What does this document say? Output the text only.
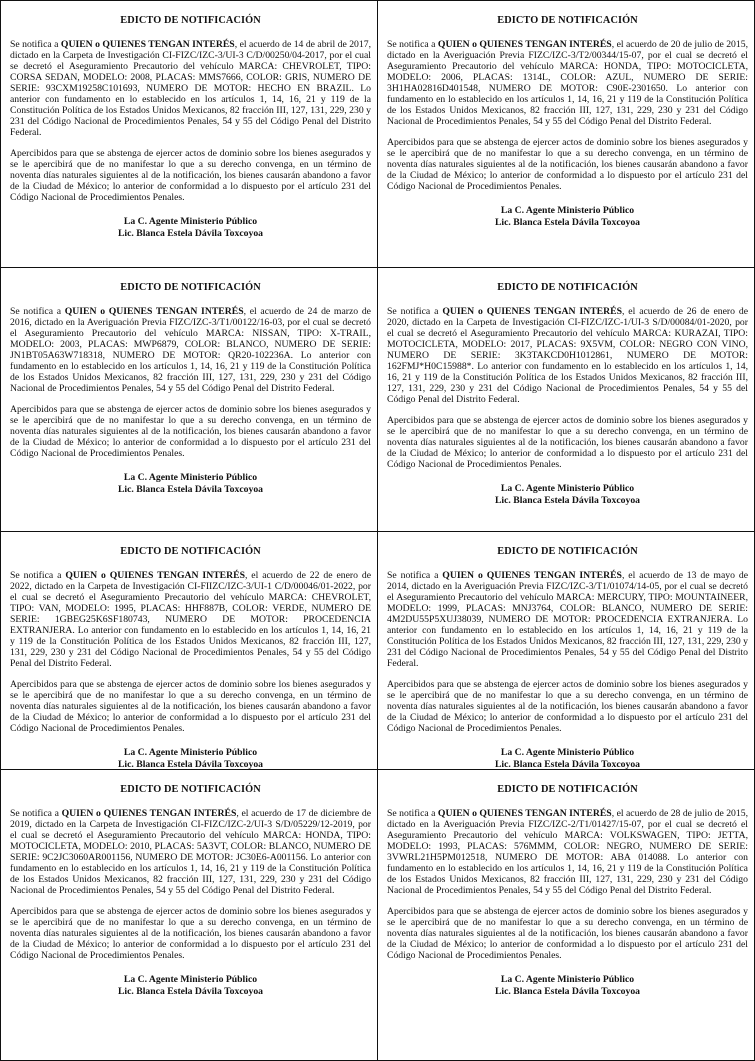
EDICTO DE NOTIFICACIÓN

Se notifica a QUIEN o QUIENES TENGAN INTERÉS, el acuerdo de 14 de abril de 2017, dictado en la Carpeta de Investigación CI-FIZC/IZC-3/UI-3 C/D/00250/04-2017, por el cual se decretó el Aseguramiento Precautorio del vehículo MARCA: CHEVROLET, TIPO: CORSA SEDAN, MODELO: 2008, PLACAS: MMS7666, COLOR: GRIS, NUMERO DE SERIE: 93CXM19258C101693, NUMERO DE MOTOR: HECHO EN BRAZIL. Lo anterior con fundamento en lo establecido en los artículos 1, 14, 16, 21 y 119 de la Constitución Política de los Estados Unidos Mexicanos, 82 fracción III, 127, 131, 229, 230 y 231 del Código Nacional de Procedimientos Penales, 54 y 55 del Código Penal del Distrito Federal.

Apercibidos para que se abstenga de ejercer actos de dominio sobre los bienes asegurados y se le apercibirá que de no manifestar lo que a su derecho convenga, en un término de noventa días naturales siguientes al de la notificación, los bienes causarán abandono a favor de la Ciudad de México; lo anterior de conformidad a lo dispuesto por el artículo 231 del Código Nacional de Procedimientos Penales.

La C. Agente Ministerio Público
Lic. Blanca Estela Dávila Toxcoyoa

EDICTO DE NOTIFICACIÓN

Se notifica a QUIEN o QUIENES TENGAN INTERÉS, el acuerdo de 20 de julio de 2015, dictado en la Averiguación Previa FIZC/IZC-3/T2/00344/15-07, por el cual se decretó el Aseguramiento Precautorio del vehículo MARCA: HONDA, TIPO: MOTOCICLETA, MODELO: 2006, PLACAS: 1314L, COLOR: AZUL, NUMERO DE SERIE: 3H1HA02816D401548, NUMERO DE MOTOR: C90E-2301650. Lo anterior con fundamento en lo establecido en los artículos 1, 14, 16, 21 y 119 de la Constitución Política de los Estados Unidos Mexicanos, 82 fracción III, 127, 131, 229, 230 y 231 del Código Nacional de Procedimientos Penales, 54 y 55 del Código Penal del Distrito Federal.

Apercibidos para que se abstenga de ejercer actos de dominio sobre los bienes asegurados y se le apercibirá que de no manifestar lo que a su derecho convenga, en un término de noventa días naturales siguientes al de la notificación, los bienes causarán abandono a favor de la Ciudad de México; lo anterior de conformidad a lo dispuesto por el artículo 231 del Código Nacional de Procedimientos Penales.

La C. Agente Ministerio Público
Lic. Blanca Estela Dávila Toxcoyoa

EDICTO DE NOTIFICACIÓN

Se notifica a QUIEN o QUIENES TENGAN INTERÉS, el acuerdo de 24 de marzo de 2016, dictado en la Averiguación Previa FIZC/IZC-3/T1/00122/16-03, por el cual se decretó el Aseguramiento Precautorio del vehículo MARCA: NISSAN, TIPO: X-TRAIL, MODELO: 2003, PLACAS: MWP6879, COLOR: BLANCO, NUMERO DE SERIE: JN1BT05A63W718318, NUMERO DE MOTOR: QR20-102236A. Lo anterior con fundamento en lo establecido en los artículos 1, 14, 16, 21 y 119 de la Constitución Política de los Estados Unidos Mexicanos, 82 fracción III, 127, 131, 229, 230 y 231 del Código Nacional de Procedimientos Penales, 54 y 55 del Código Penal del Distrito Federal.

Apercibidos para que se abstenga de ejercer actos de dominio sobre los bienes asegurados y se le apercibirá que de no manifestar lo que a su derecho convenga, en un término de noventa días naturales siguientes al de la notificación, los bienes causarán abandono a favor de la Ciudad de México; lo anterior de conformidad a lo dispuesto por el artículo 231 del Código Nacional de Procedimientos Penales.

La C. Agente Ministerio Público
Lic. Blanca Estela Dávila Toxcoyoa

EDICTO DE NOTIFICACIÓN

Se notifica a QUIEN o QUIENES TENGAN INTERÉS, el acuerdo de 26 de enero de 2020, dictado en la Carpeta de Investigación CI-FIZC/IZC-1/UI-3 S/D/00084/01-2020, por el cual se decretó el Aseguramiento Precautorio del vehículo MARCA: KURAZAI, TIPO: MOTOCICLETA, MODELO: 2017, PLACAS: 9X5VM, COLOR: NEGRO CON VINO, NUMERO DE SERIE: 3K3TAKCD0H1012861, NUMERO DE MOTOR: 162FMJ*H0C15988*. Lo anterior con fundamento en lo establecido en los artículos 1, 14, 16, 21 y 119 de la Constitución Política de los Estados Unidos Mexicanos, 82 fracción III, 127, 131, 229, 230 y 231 del Código Nacional de Procedimientos Penales, 54 y 55 del Código Penal del Distrito Federal.

Apercibidos para que se abstenga de ejercer actos de dominio sobre los bienes asegurados y se le apercibirá que de no manifestar lo que a su derecho convenga, en un término de noventa días naturales siguientes al de la notificación, los bienes causarán abandono a favor de la Ciudad de México; lo anterior de conformidad a lo dispuesto por el artículo 231 del Código Nacional de Procedimientos Penales.

La C. Agente Ministerio Público
Lic. Blanca Estela Dávila Toxcoyoa

EDICTO DE NOTIFICACIÓN

Se notifica a QUIEN o QUIENES TENGAN INTERÉS, el acuerdo de 22 de enero de 2022, dictado en la Carpeta de Investigación CI-FIIZC/IZC-3/UI-1 C/D/00046/01-2022, por el cual se decretó el Aseguramiento Precautorio del vehículo MARCA: CHEVROLET, TIPO: VAN, MODELO: 1995, PLACAS: HHF887B, COLOR: VERDE, NUMERO DE SERIE: 1GBEG25K6SF180743, NUMERO DE MOTOR: PROCEDENCIA EXTRANJERA. Lo anterior con fundamento en lo establecido en los artículos 1, 14, 16, 21 y 119 de la Constitución Política de los Estados Unidos Mexicanos, 82 fracción III, 127, 131, 229, 230 y 231 del Código Nacional de Procedimientos Penales, 54 y 55 del Código Penal del Distrito Federal.

Apercibidos para que se abstenga de ejercer actos de dominio sobre los bienes asegurados y se le apercibirá que de no manifestar lo que a su derecho convenga, en un término de noventa días naturales siguientes al de la notificación, los bienes causarán abandono a favor de la Ciudad de México; lo anterior de conformidad a lo dispuesto por el artículo 231 del Código Nacional de Procedimientos Penales.

La C. Agente Ministerio Público
Lic. Blanca Estela Dávila Toxcoyoa

EDICTO DE NOTIFICACIÓN

Se notifica a QUIEN o QUIENES TENGAN INTERÉS, el acuerdo de 13 de mayo de 2014, dictado en la Averiguación Previa FIZC/IZC-3/T1/01074/14-05, por el cual se decretó el Aseguramiento Precautorio del vehículo MARCA: MERCURY, TIPO: MOUNTAINEER, MODELO: 1999, PLACAS: MNJ3764, COLOR: BLANCO, NUMERO DE SERIE: 4M2DU55P5XUJ38039, NUMERO DE MOTOR: PROCEDENCIA EXTRANJERA. Lo anterior con fundamento en lo establecido en los artículos 1, 14, 16, 21 y 119 de la Constitución Política de los Estados Unidos Mexicanos, 82 fracción III, 127, 131, 229, 230 y 231 del Código Nacional de Procedimientos Penales, 54 y 55 del Código Penal del Distrito Federal.

Apercibidos para que se abstenga de ejercer actos de dominio sobre los bienes asegurados y se le apercibirá que de no manifestar lo que a su derecho convenga, en un término de noventa días naturales siguientes al de la notificación, los bienes causarán abandono a favor de la Ciudad de México; lo anterior de conformidad a lo dispuesto por el artículo 231 del Código Nacional de Procedimientos Penales.

La C. Agente Ministerio Público
Lic. Blanca Estela Dávila Toxcoyoa

EDICTO DE NOTIFICACIÓN

Se notifica a QUIEN o QUIENES TENGAN INTERÉS, el acuerdo de 17 de diciembre de 2019, dictado en la Carpeta de Investigación CI-FIZC/IZC-2/UI-3 S/D/05229/12-2019, por el cual se decretó el Aseguramiento Precautorio del vehículo MARCA: HONDA, TIPO: MOTOCICLETA, MODELO: 2010, PLACAS: 5A3VT, COLOR: BLANCO, NUMERO DE SERIE: 9C2JC3060AR001156, NUMERO DE MOTOR: JC30E6-A001156. Lo anterior con fundamento en lo establecido en los artículos 1, 14, 16, 21 y 119 de la Constitución Política de los Estados Unidos Mexicanos, 82 fracción III, 127, 131, 229, 230 y 231 del Código Nacional de Procedimientos Penales, 54 y 55 del Código Penal del Distrito Federal.

Apercibidos para que se abstenga de ejercer actos de dominio sobre los bienes asegurados y se le apercibirá que de no manifestar lo que a su derecho convenga, en un término de noventa días naturales siguientes al de la notificación, los bienes causarán abandono a favor de la Ciudad de México; lo anterior de conformidad a lo dispuesto por el artículo 231 del Código Nacional de Procedimientos Penales.

La C. Agente Ministerio Público
Lic. Blanca Estela Dávila Toxcoyoa

EDICTO DE NOTIFICACIÓN

Se notifica a QUIEN o QUIENES TENGAN INTERÉS, el acuerdo de 28 de julio de 2015, dictado en la Averiguación Previa FIZC/IZC-2/T1/01427/15-07, por el cual se decretó el Aseguramiento Precautorio del vehículo MARCA: VOLKSWAGEN, TIPO: JETTA, MODELO: 1993, PLACAS: 576MMM, COLOR: NEGRO, NUMERO DE SERIE: 3VWRL21H5PM012518, NUMERO DE MOTOR: ABA 014088. Lo anterior con fundamento en lo establecido en los artículos 1, 14, 16, 21 y 119 de la Constitución Política de los Estados Unidos Mexicanos, 82 fracción III, 127, 131, 229, 230 y 231 del Código Nacional de Procedimientos Penales, 54 y 55 del Código Penal del Distrito Federal.

Apercibidos para que se abstenga de ejercer actos de dominio sobre los bienes asegurados y se le apercibirá que de no manifestar lo que a su derecho convenga, en un término de noventa días naturales siguientes al de la notificación, los bienes causarán abandono a favor de la Ciudad de México; lo anterior de conformidad a lo dispuesto por el artículo 231 del Código Nacional de Procedimientos Penales.

La C. Agente Ministerio Público
Lic. Blanca Estela Dávila Toxcoyoa
